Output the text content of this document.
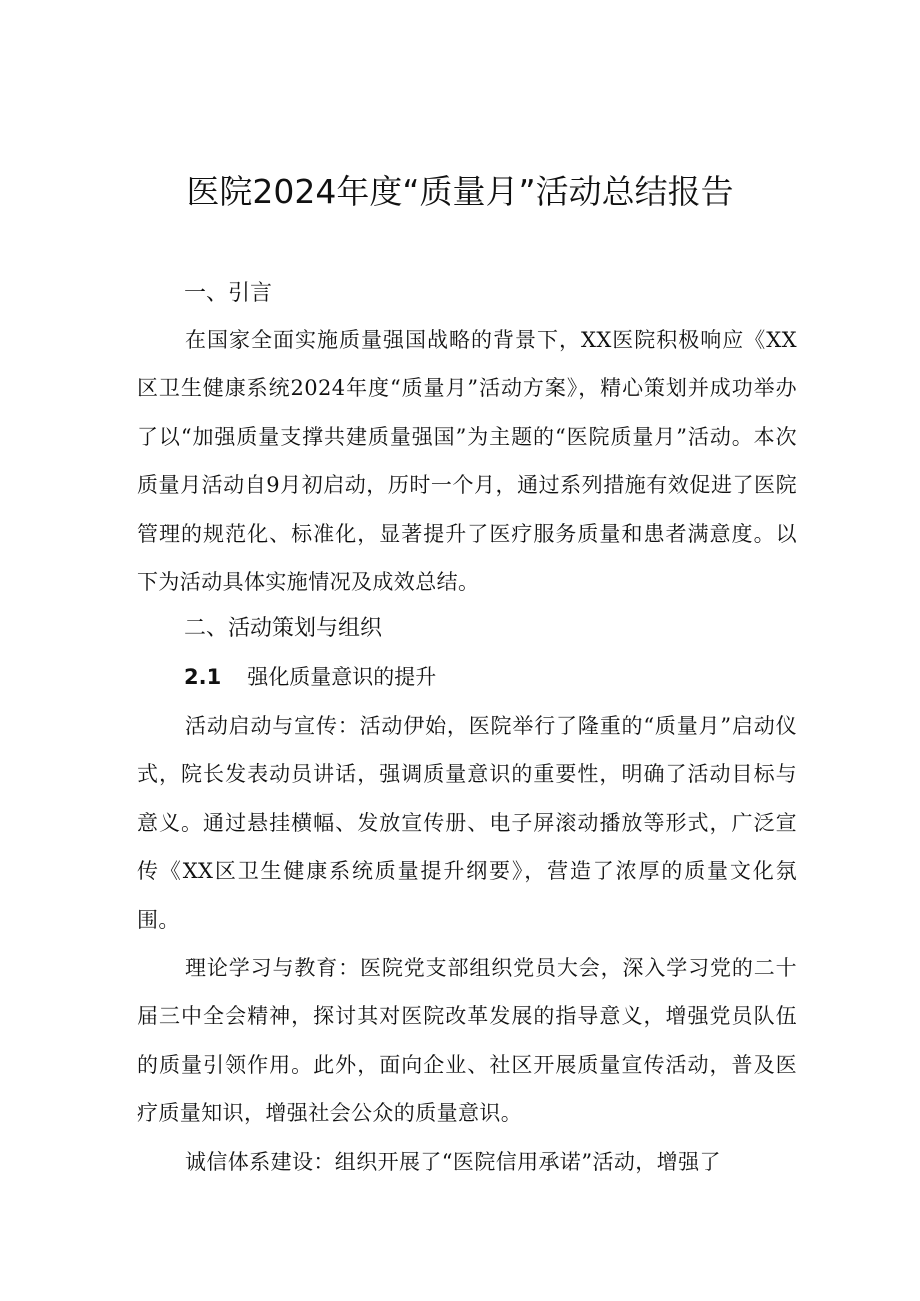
医院2024年度“质量月”活动总结报告
一、引言

在国家全面实施质量强国战略的背景下，XX医院积极响应《XX区卫生健康系统2024年度“质量月”活动方案》，精心策划并成功举办了以“加强质量支撑共建质量强国”为主题的“医院质量月”活动。本次质量月活动自9月初启动，历时一个月，通过系列措施有效促进了医院管理的规范化、标准化，显著提升了医疗服务质量和患者满意度。以下为活动具体实施情况及成效总结。

二、活动策划与组织
2.1 强化质量意识的提升

活动启动与宣传：活动伊始，医院举行了隆重的“质量月”启动仪式，院长发表动员讲话，强调质量意识的重要性，明确了活动目标与意义。通过悬挂横幅、发放宣传册、电子屏滚动播放等形式，广泛宣传《XX区卫生健康系统质量提升纲要》，营造了浓厚的质量文化氛围。

理论学习与教育：医院党支部组织党员大会，深入学习党的二十届三中全会精神，探讨其对医院改革发展的指导意义，增强党员队伍的质量引领作用。此外，面向企业、社区开展质量宣传活动，普及医疗质量知识，增强社会公众的质量意识。

诚信体系建设：组织开展了“医院信用承诺”活动，增强了
